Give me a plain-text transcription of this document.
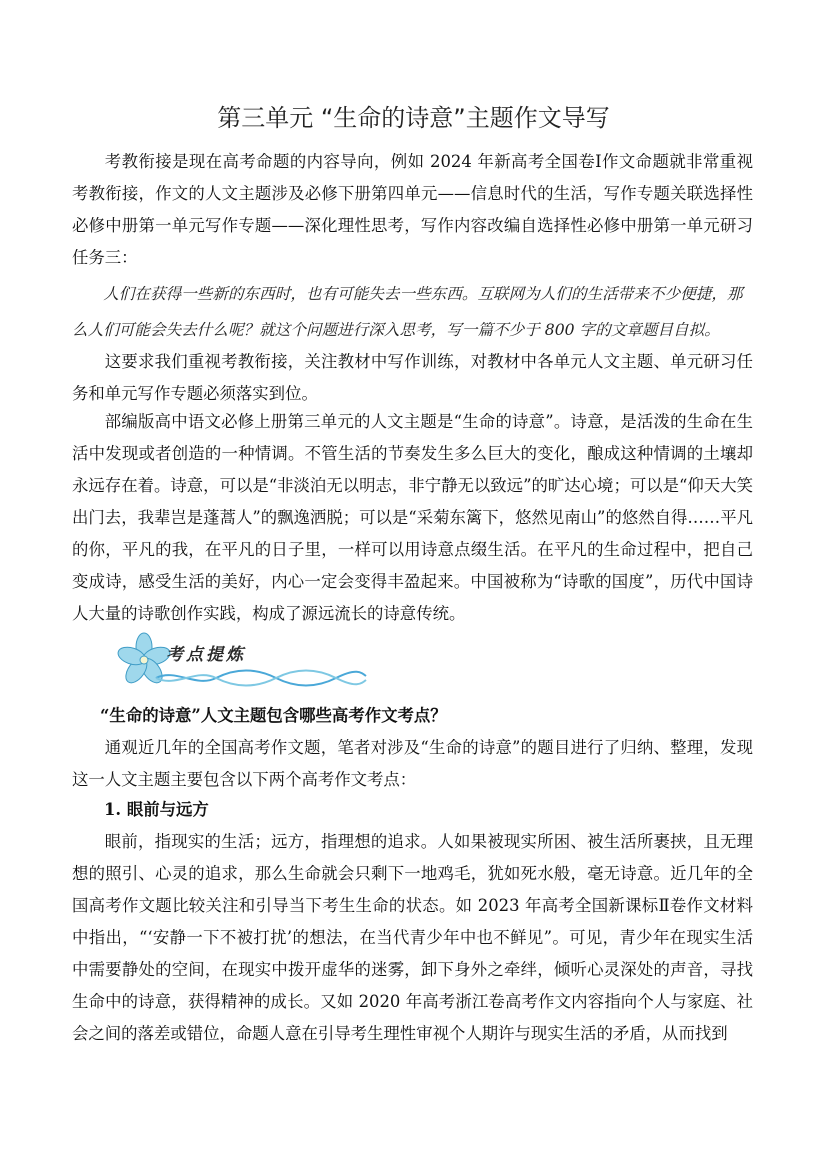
第三单元 “生命的诗意”主题作文导写

考教衔接是现在高考命题的内容导向，例如 2024 年新高考全国卷Ⅰ作文命题就非常重视考教衔接，作文的人文主题涉及必修下册第四单元——信息时代的生活，写作专题关联选择性必修中册第一单元写作专题——深化理性思考，写作内容改编自选择性必修中册第一单元研习任务三：

人们在获得一些新的东西时，也有可能失去一些东西。互联网为人们的生活带来不少便捷，那么人们可能会失去什么呢？就这个问题进行深入思考，写一篇不少于 800 字的文章题目自拟。

这要求我们重视考教衔接，关注教材中写作训练，对教材中各单元人文主题、单元研习任务和单元写作专题必须落实到位。

部编版高中语文必修上册第三单元的人文主题是“生命的诗意”。诗意，是活泼的生命在生活中发现或者创造的一种情调。不管生活的节奏发生多么巨大的变化，酿成这种情调的土壤却永远存在着。诗意，可以是“非淡泊无以明志，非宁静无以致远”的旷达心境；可以是“仰天大笑出门去，我辈岂是蓬蒿人”的飘逸洒脱；可以是“采菊东篱下，悠然见南山”的悠然自得……平凡的你，平凡的我，在平凡的日子里，一样可以用诗意点缀生活。在平凡的生命过程中，把自己变成诗，感受生活的美好，内心一定会变得丰盈起来。中国被称为“诗歌的国度”，历代中国诗人大量的诗歌创作实践，构成了源远流长的诗意传统。

考点提炼

“生命的诗意”人文主题包含哪些高考作文考点？

通观近几年的全国高考作文题，笔者对涉及“生命的诗意”的题目进行了归纳、整理，发现这一人文主题主要包含以下两个高考作文考点：

1. 眼前与远方

眼前，指现实的生活；远方，指理想的追求。人如果被现实所困、被生活所裹挟，且无理想的照引、心灵的追求，那么生命就会只剩下一地鸡毛，犹如死水般，毫无诗意。近几年的全国高考作文题比较关注和引导当下考生生命的状态。如 2023 年高考全国新课标Ⅱ卷作文材料中指出，“‘安静一下不被打扰’的想法，在当代青少年中也不鲜见”。可见，青少年在现实生活中需要静处的空间，在现实中拨开虚华的迷雾，卸下身外之牵绊，倾听心灵深处的声音，寻找生命中的诗意，获得精神的成长。又如 2020 年高考浙江卷高考作文内容指向个人与家庭、社会之间的落差或错位，命题人意在引导考生理性审视个人期许与现实生活的矛盾，从而找到
